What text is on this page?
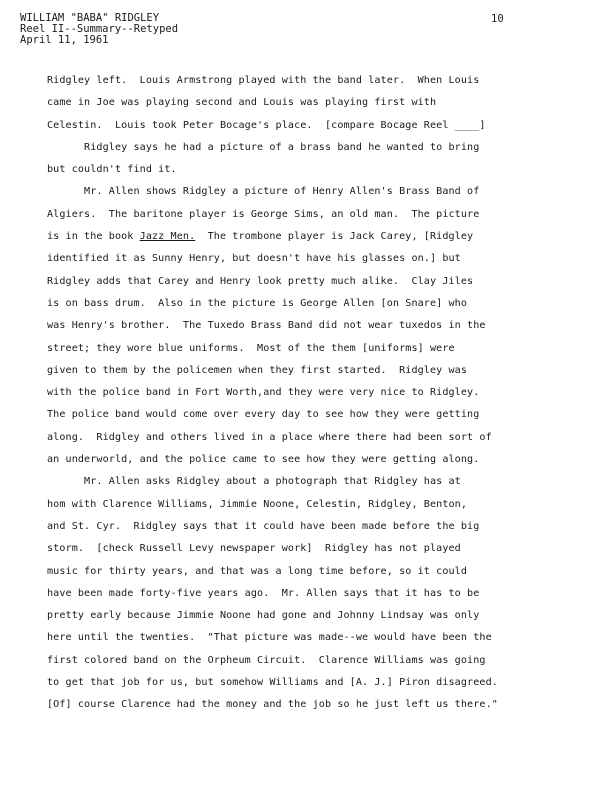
WILLIAM "BABA" RIDGLEY
Reel II--Summary--Retyped
April 11, 1961
10
Ridgley left.  Louis Armstrong played with the band later.  When Louis
came in Joe was playing second and Louis was playing first with
Celestin.  Louis took Peter Bocage's place.  [compare Bocage Reel ____]
Ridgley says he had a picture of a brass band he wanted to bring
but couldn't find it.
Mr. Allen shows Ridgley a picture of Henry Allen's Brass Band of
Algiers.  The baritone player is George Sims, an old man.  The picture
is in the book Jazz Men.  The trombone player is Jack Carey, [Ridgley
identified it as Sunny Henry, but doesn't have his glasses on.] but
Ridgley adds that Carey and Henry look pretty much alike.  Clay Jiles
is on bass drum.  Also in the picture is George Allen [on Snare] who
was Henry's brother.  The Tuxedo Brass Band did not wear tuxedos in the
street; they wore blue uniforms.  Most of the them [uniforms] were
given to them by the policemen when they first started.  Ridgley was
with the police band in Fort Worth,and they were very nice to Ridgley.
The police band would come over every day to see how they were getting
along.  Ridgley and others lived in a place where there had been sort of
an underworld, and the police came to see how they were getting along.
Mr. Allen asks Ridgley about a photograph that Ridgley has at
hom with Clarence Williams, Jimmie Noone, Celestin, Ridgley, Benton,
and St. Cyr.  Ridgley says that it could have been made before the big
storm.  [check Russell Levy newspaper work]  Ridgley has not played
music for thirty years, and that was a long time before, so it could
have been made forty-five years ago.  Mr. Allen says that it has to be
pretty early because Jimmie Noone had gone and Johnny Lindsay was only
here until the twenties.  "That picture was made--we would have been the
first colored band on the Orpheum Circuit.  Clarence Williams was going
to get that job for us, but somehow Williams and [A. J.] Piron disagreed.
[Of] course Clarence had the money and the job so he just left us there."
